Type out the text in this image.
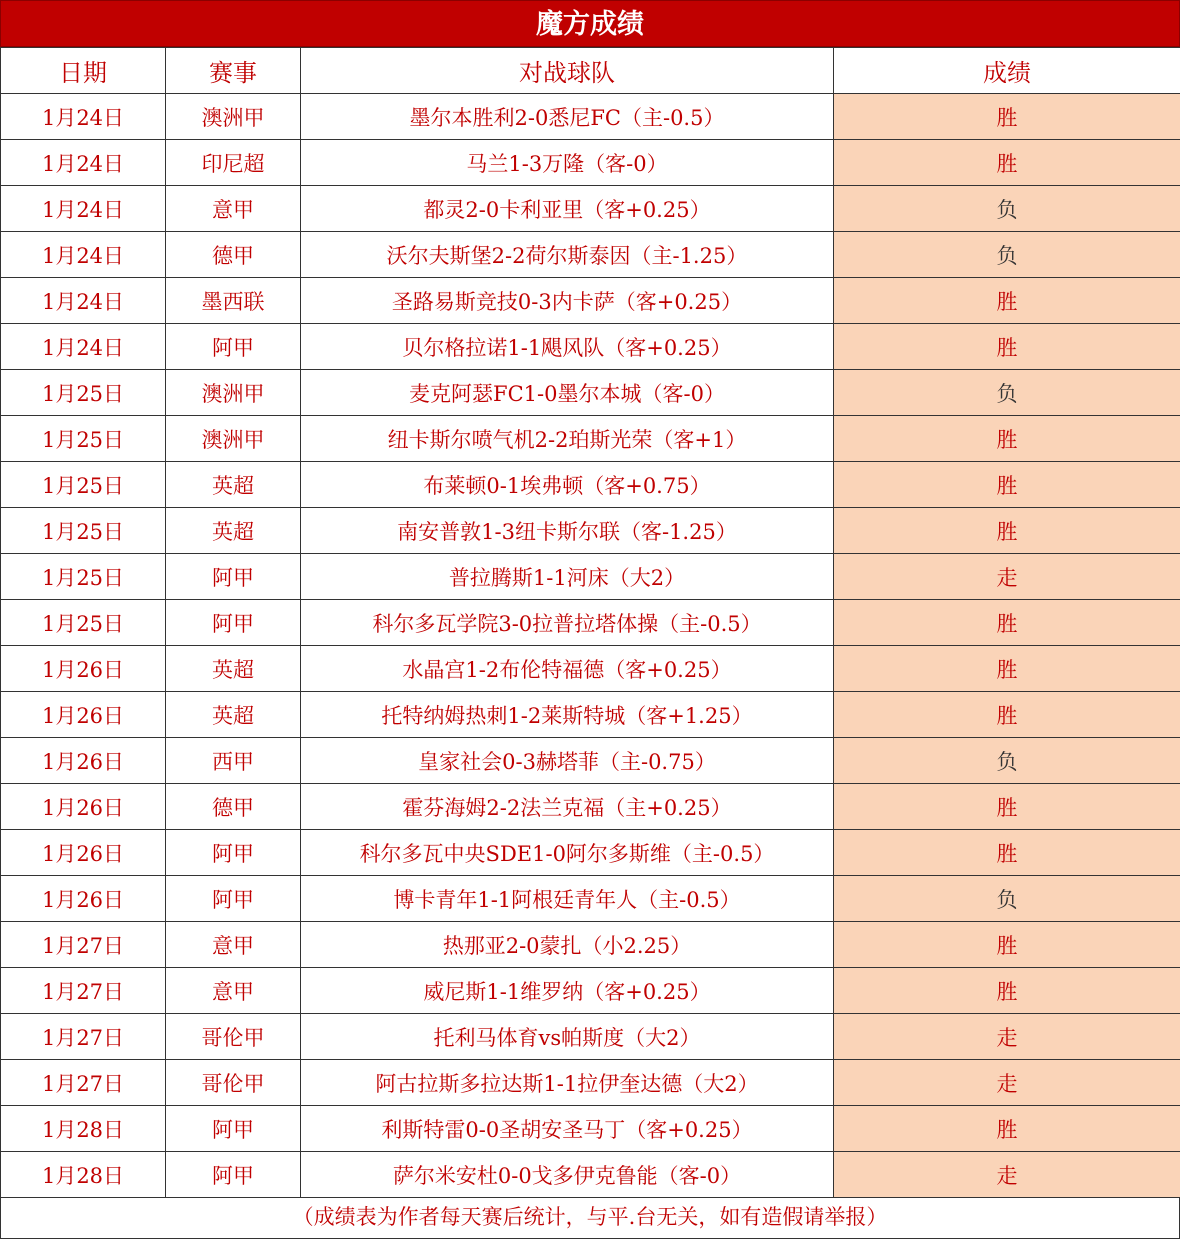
魔方成绩
日期	赛事	对战球队	成绩
1月24日	澳洲甲	墨尔本胜利2-0悉尼FC（主-0.5）	胜
1月24日	印尼超	马兰1-3万隆（客-0）	胜
1月24日	意甲	都灵2-0卡利亚里（客+0.25）	负
1月24日	德甲	沃尔夫斯堡2-2荷尔斯泰因（主-1.25）	负
1月24日	墨西联	圣路易斯竞技0-3内卡萨（客+0.25）	胜
1月24日	阿甲	贝尔格拉诺1-1飓风队（客+0.25）	胜
1月25日	澳洲甲	麦克阿瑟FC1-0墨尔本城（客-0）	负
1月25日	澳洲甲	纽卡斯尔喷气机2-2珀斯光荣（客+1）	胜
1月25日	英超	布莱顿0-1埃弗顿（客+0.75）	胜
1月25日	英超	南安普敦1-3纽卡斯尔联（客-1.25）	胜
1月25日	阿甲	普拉腾斯1-1河床（大2）	走
1月25日	阿甲	科尔多瓦学院3-0拉普拉塔体操（主-0.5）	胜
1月26日	英超	水晶宫1-2布伦特福德（客+0.25）	胜
1月26日	英超	托特纳姆热刺1-2莱斯特城（客+1.25）	胜
1月26日	西甲	皇家社会0-3赫塔菲（主-0.75）	负
1月26日	德甲	霍芬海姆2-2法兰克福（主+0.25）	胜
1月26日	阿甲	科尔多瓦中央SDE1-0阿尔多斯维（主-0.5）	胜
1月26日	阿甲	博卡青年1-1阿根廷青年人（主-0.5）	负
1月27日	意甲	热那亚2-0蒙扎（小2.25）	胜
1月27日	意甲	威尼斯1-1维罗纳（客+0.25）	胜
1月27日	哥伦甲	托利马体育vs帕斯度（大2）	走
1月27日	哥伦甲	阿古拉斯多拉达斯1-1拉伊奎达德（大2）	走
1月28日	阿甲	利斯特雷0-0圣胡安圣马丁（客+0.25）	胜
1月28日	阿甲	萨尔米安杜0-0戈多伊克鲁能（客-0）	走
（成绩表为作者每天赛后统计，与平.台无关，如有造假请举报）
